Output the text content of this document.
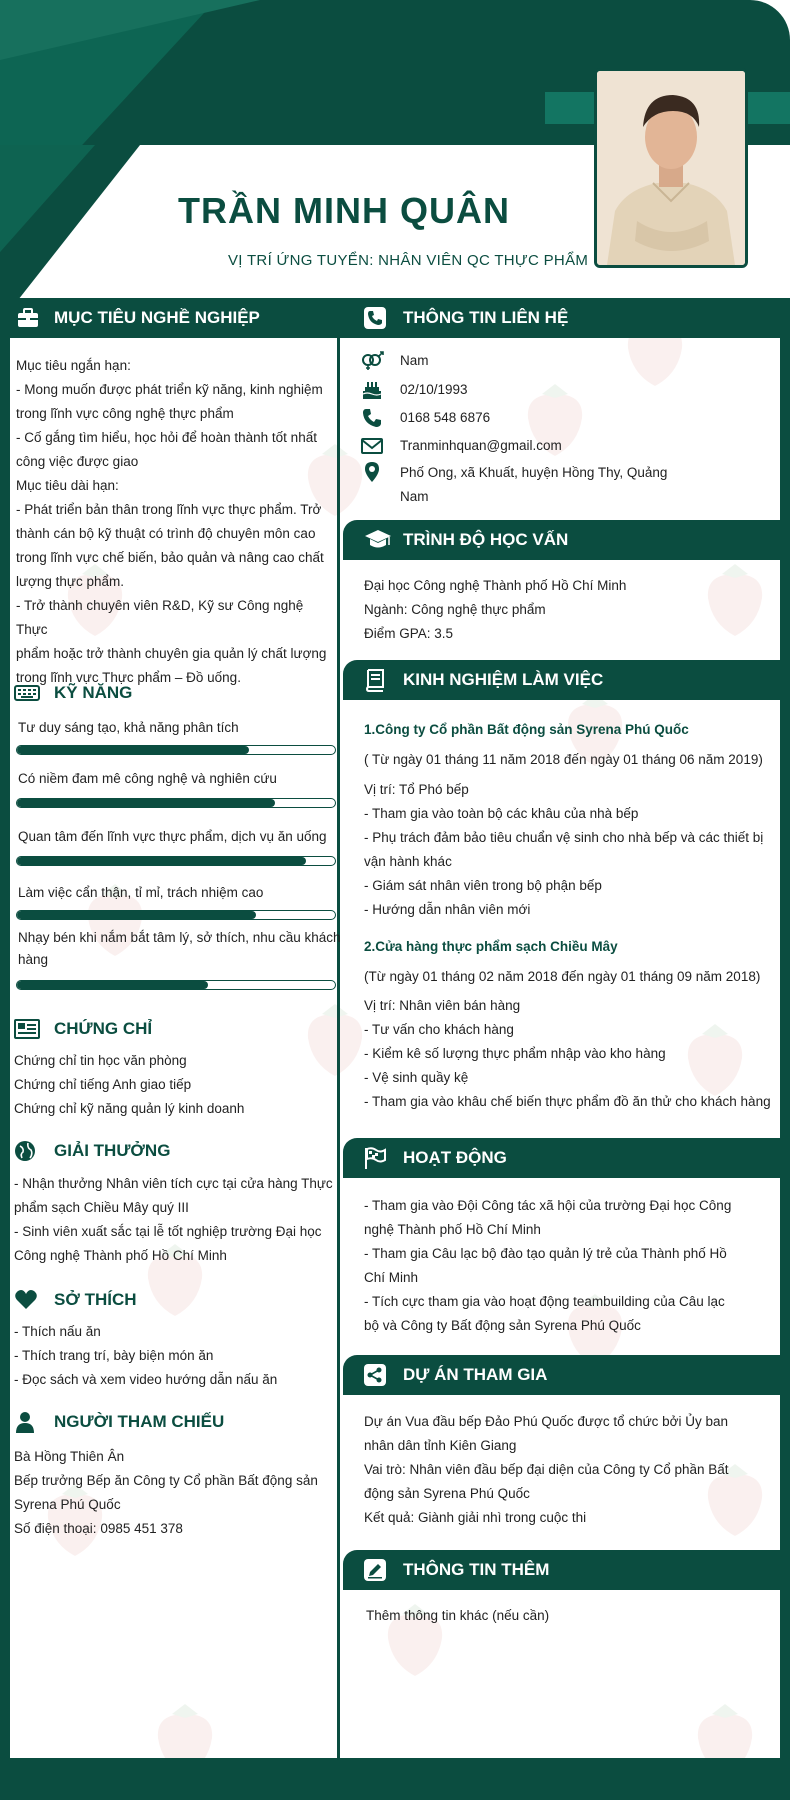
TRẦN MINH QUÂN
VỊ TRÍ ỨNG TUYỂN: NHÂN VIÊN QC THỰC PHẨM
MỤC TIÊU NGHỀ NGHIỆP

Mục tiêu ngắn hạn:

- Mong muốn được phát triển kỹ năng, kinh nghiệm

trong lĩnh vực công nghệ thực phẩm

- Cố gắng tìm hiểu, học hỏi để hoàn thành tốt nhất

công việc được giao

Mục tiêu dài hạn:

- Phát triển bản thân trong lĩnh vực thực phẩm. Trở

thành cán bộ kỹ thuật có trình độ chuyên môn cao

trong lĩnh vực chế biến, bảo quản và nâng cao chất

lượng thực phẩm.

- Trở thành chuyên viên R&D, Kỹ sư Công nghệ Thực

phẩm hoặc trở thành chuyên gia quản lý chất lượng

trong lĩnh vực Thực phẩm – Đồ uống.

KỸ NĂNG
Tư duy sáng tạo, khả năng phân tích
Có niềm đam mê công nghệ và nghiên cứu
Quan tâm đến lĩnh vực thực phẩm, dịch vụ ăn uống
Làm việc cẩn thận, tỉ mỉ, trách nhiệm cao
Nhạy bén khi nắm bắt tâm lý, sở thích, nhu cầu khách hàng
CHỨNG CHỈ

Chứng chỉ tin học văn phòng

Chứng chỉ tiếng Anh giao tiếp

Chứng chỉ kỹ năng quản lý kinh doanh

GIẢI THƯỞNG

- Nhận thưởng Nhân viên tích cực tại cửa hàng Thực

phẩm sạch Chiều Mây quý III

- Sinh viên xuất sắc tại lễ tốt nghiệp trường Đại học

Công nghệ Thành phố Hồ Chí Minh

SỞ THÍCH

- Thích nấu ăn

- Thích trang trí, bày biện món ăn

- Đọc sách và xem video hướng dẫn nấu ăn

NGƯỜI THAM CHIẾU

Bà Hồng Thiên Ân

Bếp trưởng Bếp ăn Công ty Cổ phần Bất động sản

Syrena Phú Quốc

Số điện thoại: 0985 451 378

THÔNG TIN LIÊN HỆ
Nam
02/10/1993
0168 548 6876
Tranminhquan@gmail.com
Phố Ong, xã Khuất, huyện Hồng Thy, Quảng
Nam
TRÌNH ĐỘ HỌC VẤN

Đại học Công nghệ Thành phố Hồ Chí Minh

Ngành: Công nghệ thực phẩm

Điểm GPA: 3.5

KINH NGHIỆM LÀM VIỆC
1.Công ty Cổ phần Bất động sản Syrena Phú Quốc
( Từ ngày 01 tháng 11 năm 2018 đến ngày 01 tháng 06 năm 2019)

Vị trí: Tổ Phó bếp

- Tham gia vào toàn bộ các khâu của nhà bếp

- Phụ trách đảm bảo tiêu chuẩn vệ sinh cho nhà bếp và các thiết bị

vận hành khác

- Giám sát nhân viên trong bộ phận bếp

- Hướng dẫn nhân viên mới

2.Cửa hàng thực phẩm sạch Chiều Mây
(Từ ngày 01 tháng 02 năm 2018 đến ngày 01 tháng 09 năm 2018)

Vị trí: Nhân viên bán hàng

- Tư vấn cho khách hàng

- Kiểm kê số lượng thực phẩm nhập vào kho hàng

- Vệ sinh quầy kệ

- Tham gia vào khâu chế biến thực phẩm đồ ăn thử cho khách hàng

HOẠT ĐỘNG

- Tham gia vào Đội Công tác xã hội của trường Đại học Công

nghệ Thành phố Hồ Chí Minh

- Tham gia Câu lạc bộ đào tạo quản lý trẻ của Thành phố Hồ

Chí Minh

- Tích cực tham gia vào hoạt động teambuilding của Câu lạc

bộ và Công ty Bất động sản Syrena Phú Quốc

DỰ ÁN THAM GIA

Dự án Vua đầu bếp Đảo Phú Quốc được tổ chức bởi Ủy ban

nhân dân tỉnh Kiên Giang

Vai trò: Nhân viên đầu bếp đại diện của Công ty Cổ phần Bất

động sản Syrena Phú Quốc

Kết quả: Giành giải nhì trong cuộc thi

THÔNG TIN THÊM

Thêm thông tin khác (nếu cần)
